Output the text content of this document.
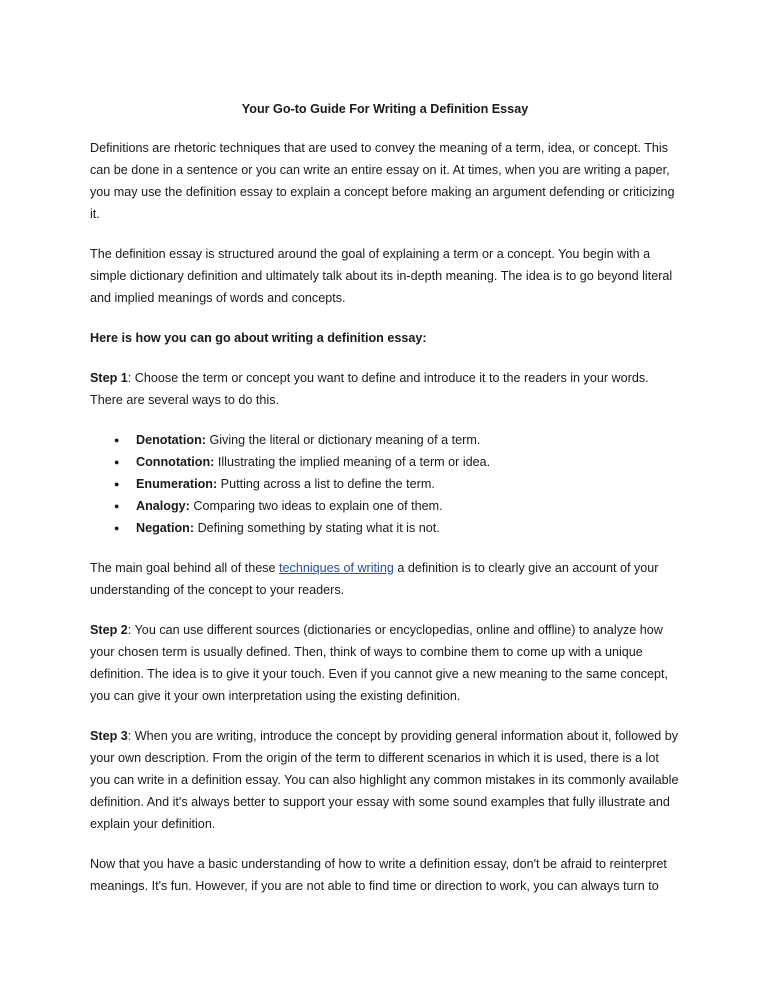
Your Go-to Guide For Writing a Definition Essay

Definitions are rhetoric techniques that are used to convey the meaning of a term, idea, or concept. This can be done in a sentence or you can write an entire essay on it. At times, when you are writing a paper, you may use the definition essay to explain a concept before making an argument defending or criticizing it.

The definition essay is structured around the goal of explaining a term or a concept. You begin with a simple dictionary definition and ultimately talk about its in-depth meaning. The idea is to go beyond literal and implied meanings of words and concepts.

Here is how you can go about writing a definition essay:

Step 1: Choose the term or concept you want to define and introduce it to the readers in your words. There are several ways to do this.

● Denotation: Giving the literal or dictionary meaning of a term.
● Connotation: Illustrating the implied meaning of a term or idea.
● Enumeration: Putting across a list to define the term.
● Analogy: Comparing two ideas to explain one of them.
● Negation: Defining something by stating what it is not.

The main goal behind all of these techniques of writing a definition is to clearly give an account of your understanding of the concept to your readers.

Step 2: You can use different sources (dictionaries or encyclopedias, online and offline) to analyze how your chosen term is usually defined. Then, think of ways to combine them to come up with a unique definition. The idea is to give it your touch. Even if you cannot give a new meaning to the same concept, you can give it your own interpretation using the existing definition.

Step 3: When you are writing, introduce the concept by providing general information about it, followed by your own description. From the origin of the term to different scenarios in which it is used, there is a lot you can write in a definition essay. You can also highlight any common mistakes in its commonly available definition. And it's always better to support your essay with some sound examples that fully illustrate and explain your definition.

Now that you have a basic understanding of how to write a definition essay, don't be afraid to reinterpret meanings. It's fun. However, if you are not able to find time or direction to work, you can always turn to
